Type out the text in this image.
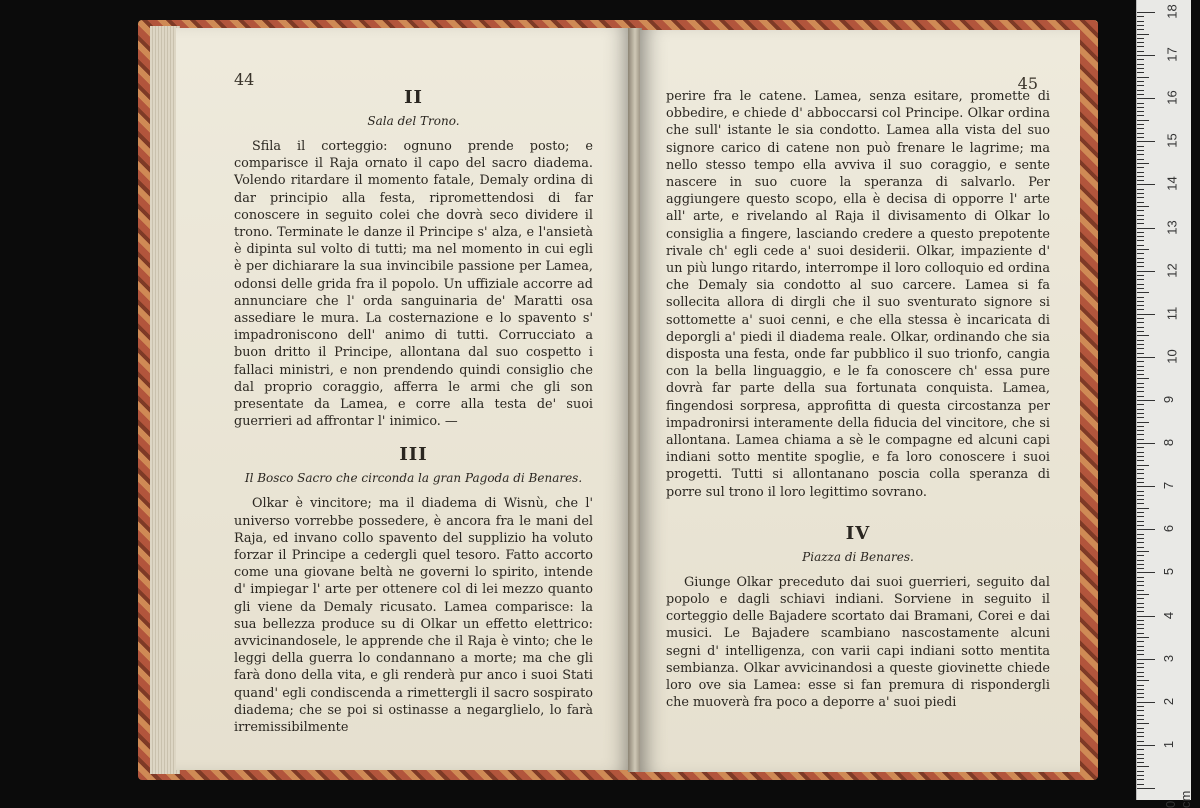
44
II
Sala del Trono.

Sfila il corteggio: ognuno prende posto; e comparisce il Raja ornato il capo del sacro diadema. Volendo ritardare il momento fatale, Demaly ordina di dar principio alla festa, ripromettendosi di far conoscere in seguito colei che dovrà seco dividere il trono. Terminate le danze il Principe s' alza, e l'ansietà è dipinta sul volto di tutti; ma nel momento in cui egli è per dichiarare la sua invincibile passione per Lamea, odonsi delle grida fra il popolo. Un uffiziale accorre ad annunciare che l' orda sanguinaria de' Maratti osa assediare le mura. La costernazione e lo spavento s' impadroniscono dell' animo di tutti. Corrucciato a buon dritto il Principe, allontana dal suo cospetto i fallaci ministri, e non prendendo quindi consiglio che dal proprio coraggio, afferra le armi che gli son presentate da Lamea, e corre alla testa de' suoi guerrieri ad affrontar l' inimico. —

III
Il Bosco Sacro che circonda la gran Pagoda di Benares.

Olkar è vincitore; ma il diadema di Wisnù, che l' universo vorrebbe possedere, è ancora fra le mani del Raja, ed invano collo spavento del supplizio ha voluto forzar il Principe a cedergli quel tesoro. Fatto accorto come una giovane beltà ne governi lo spirito, intende d' impiegar l' arte per ottenere col di lei mezzo quanto gli viene da Demaly ricusato. Lamea comparisce: la sua bellezza produce su di Olkar un effetto elettrico: avvicinandosele, le apprende che il Raja è vinto; che le leggi della guerra lo condannano a morte; ma che gli farà dono della vita, e gli renderà pur anco i suoi Stati quand' egli condiscenda a rimettergli il sacro sospirato diadema; che se poi si ostinasse a negarglielo, lo farà irremissibilmente

45

perire fra le catene. Lamea, senza esitare, promette di obbedire, e chiede d' abboccarsi col Principe. Olkar ordina che sull' istante le sia condotto. Lamea alla vista del suo signore carico di catene non può frenare le lagrime; ma nello stesso tempo ella avviva il suo coraggio, e sente nascere in suo cuore la speranza di salvarlo. Per aggiungere questo scopo, ella è decisa di opporre l' arte all' arte, e rivelando al Raja il divisamento di Olkar lo consiglia a fingere, lasciando credere a questo prepotente rivale ch' egli cede a' suoi desiderii. Olkar, impaziente d' un più lungo ritardo, interrompe il loro colloquio ed ordina che Demaly sia condotto al suo carcere. Lamea si fa sollecita allora di dirgli che il suo sventurato signore si sottomette a' suoi cenni, e che ella stessa è incaricata di deporgli a' piedi il diadema reale. Olkar, ordinando che sia disposta una festa, onde far pubblico il suo trionfo, cangia con la bella linguaggio, e le fa conoscere ch' essa pure dovrà far parte della sua fortunata conquista. Lamea, fingendosi sorpresa, approfitta di questa circostanza per impadronirsi interamente della fiducia del vincitore, che si allontana. Lamea chiama a sè le compagne ed alcuni capi indiani sotto mentite spoglie, e fa loro conoscere i suoi progetti. Tutti si allontanano poscia colla speranza di porre sul trono il loro legittimo sovrano.

IV
Piazza di Benares.

Giunge Olkar preceduto dai suoi guerrieri, seguito dal popolo e dagli schiavi indiani. Sorviene in seguito il corteggio delle Bajadere scortato dai Bramani, Corei e dai musici. Le Bajadere scambiano nascostamente alcuni segni d' intelligenza, con varii capi indiani sotto mentita sembianza. Olkar avvicinandosi a queste giovinette chiede loro ove sia Lamea: esse si fan premura di rispondergli che muoverà fra poco a deporre a' suoi piedi

0 cm
1
2
3
4
5
6
7
8
9
10
11
12
13
14
15
16
17
18
